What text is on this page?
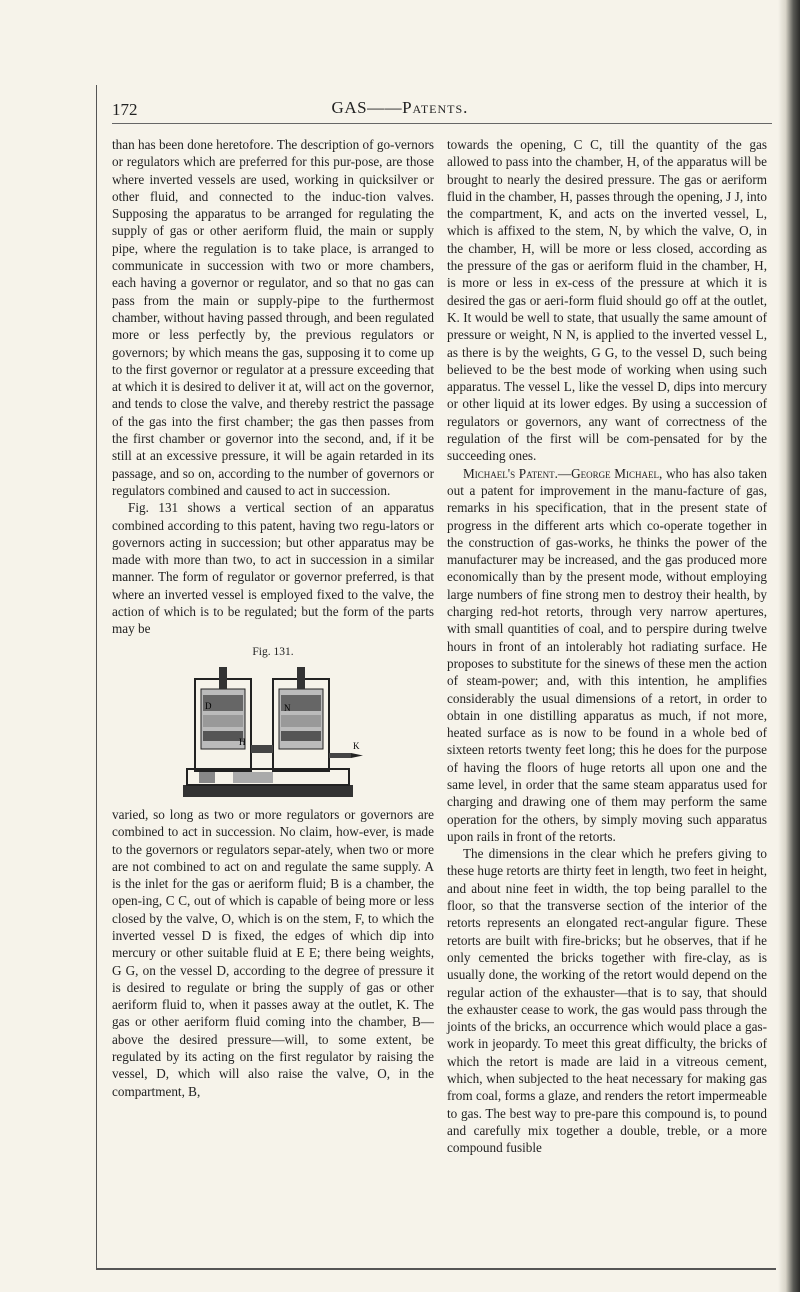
172	GAS——Patents.

than has been done heretofore. The description of go-vernors or regulators which are preferred for this pur-pose, are those where inverted vessels are used, working in quicksilver or other fluid, and connected to the induc-tion valves. Supposing the apparatus to be arranged for regulating the supply of gas or other aeriform fluid, the main or supply pipe, where the regulation is to take place, is arranged to communicate in succession with two or more chambers, each having a governor or regulator, and so that no gas can pass from the main or supply-pipe to the furthermost chamber, without having passed through, and been regulated more or less perfectly by, the previous regulators or governors; by which means the gas, supposing it to come up to the first governor or regulator at a pressure exceeding that at which it is desired to deliver it at, will act on the governor, and tends to close the valve, and thereby restrict the passage of the gas into the first chamber; the gas then passes from the first chamber or governor into the second, and, if it be still at an excessive pressure, it will be again retarded in its passage, and so on, according to the number of governors or regulators combined and caused to act in succession.

Fig. 131 shows a vertical section of an apparatus combined according to this patent, having two regu-lators or governors acting in succession; but other apparatus may be made with more than two, to act in succession in a similar manner. The form of regulator or governor preferred, is that where an inverted vessel is employed fixed to the valve, the action of which is to be regulated; but the form of the parts may be

Fig. 131.
N
H	K
D

varied, so long as two or more regulators or governors are combined to act in succession. No claim, how-ever, is made to the governors or regulators separ-ately, when two or more are not combined to act on and regulate the same supply. A is the inlet for the gas or aeriform fluid; B is a chamber, the open-ing, C C, out of which is capable of being more or less closed by the valve, O, which is on the stem, F, to which the inverted vessel D is fixed, the edges of which dip into mercury or other suitable fluid at E E; there being weights, G G, on the vessel D, according to the degree of pressure it is desired to regulate or bring the supply of gas or other aeriform fluid to, when it passes away at the outlet, K. The gas or other aeriform fluid coming into the chamber, B—above the desired pressure—will, to some extent, be regulated by its acting on the first regulator by raising the vessel, D, which will also raise the valve, O, in the compartment, B,

towards the opening, C C, till the quantity of the gas allowed to pass into the chamber, H, of the apparatus will be brought to nearly the desired pressure. The gas or aeriform fluid in the chamber, H, passes through the opening, J J, into the compartment, K, and acts on the inverted vessel, L, which is affixed to the stem, N, by which the valve, O, in the chamber, H, will be more or less closed, according as the pressure of the gas or aeriform fluid in the chamber, H, is more or less in ex-cess of the pressure at which it is desired the gas or aeri-form fluid should go off at the outlet, K. It would be well to state, that usually the same amount of pressure or weight, N N, is applied to the inverted vessel L, as there is by the weights, G G, to the vessel D, such being believed to be the best mode of working when using such apparatus. The vessel L, like the vessel D, dips into mercury or other liquid at its lower edges. By using a succession of regulators or governors, any want of correctness of the regulation of the first will be com-pensated for by the succeeding ones.

Michael's Patent.—George Michael, who has also taken out a patent for improvement in the manu-facture of gas, remarks in his specification, that in the present state of progress in the different arts which co-operate together in the construction of gas-works, he thinks the power of the manufacturer may be increased, and the gas produced more economically than by the present mode, without employing large numbers of fine strong men to destroy their health, by charging red-hot retorts, through very narrow apertures, with small quantities of coal, and to perspire during twelve hours in front of an intolerably hot radiating surface. He proposes to substitute for the sinews of these men the action of steam-power; and, with this intention, he amplifies considerably the usual dimensions of a retort, in order to obtain in one distilling apparatus as much, if not more, heated surface as is now to be found in a whole bed of sixteen retorts twenty feet long; this he does for the purpose of having the floors of huge retorts all upon one and the same level, in order that the same steam apparatus used for charging and drawing one of them may perform the same operation for the others, by simply moving such apparatus upon rails in front of the retorts.

The dimensions in the clear which he prefers giving to these huge retorts are thirty feet in length, two feet in height, and about nine feet in width, the top being parallel to the floor, so that the transverse section of the interior of the retorts represents an elongated rect-angular figure. These retorts are built with fire-bricks; but he observes, that if he only cemented the bricks together with fire-clay, as is usually done, the working of the retort would depend on the regular action of the exhauster—that is to say, that should the exhauster cease to work, the gas would pass through the joints of the bricks, an occurrence which would place a gas-work in jeopardy. To meet this great difficulty, the bricks of which the retort is made are laid in a vitreous cement, which, when subjected to the heat necessary for making gas from coal, forms a glaze, and renders the retort impermeable to gas. The best way to pre-pare this compound is, to pound and carefully mix together a double, treble, or a more compound fusible
